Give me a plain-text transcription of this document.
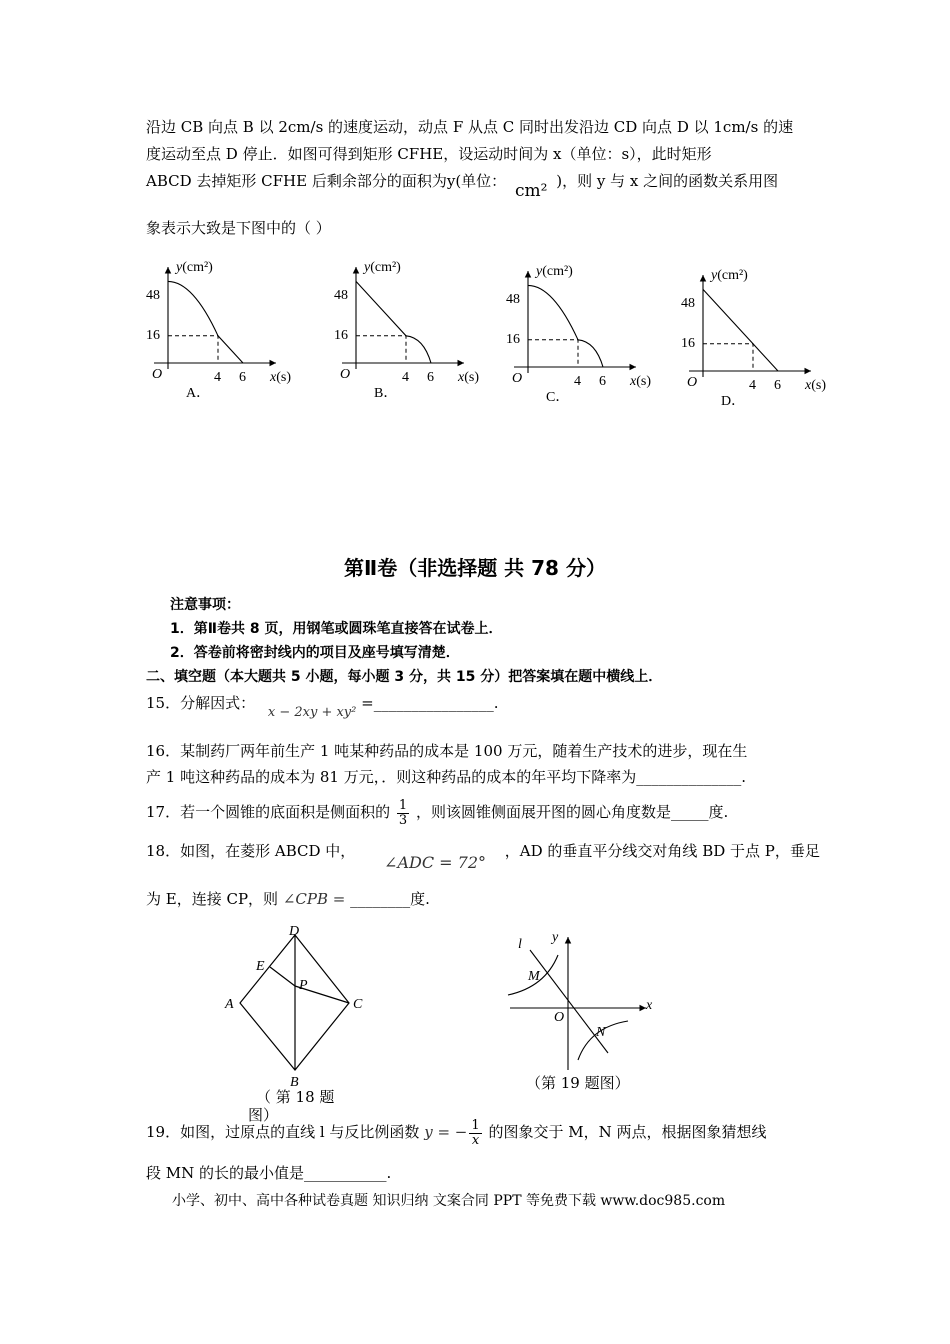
沿边 CB 向点 B 以 2cm/s 的速度运动，动点 F 从点 C 同时出发沿边 CD 向点 D 以 1cm/s 的速
度运动至点 D 停止．如图可得到矩形 CFHE，设运动时间为 x（单位：s），此时矩形
ABCD 去掉矩形 CFHE 后剩余部分的面积为y(单位： cm² )，则 y 与 x 之间的函数关系用图
象表示大致是下图中的（ ）
y(cm²)
48
16
O	4 6 x(s)
A．
y(cm²)
48
16
O	4 6 x(s)
B．
y(cm²)
48
16
O	4 6 x(s)
C．
y(cm²)
48
16
O	4 6 x(s)
D．
第Ⅱ卷（非选择题 共 78 分）
注意事项：
1．第Ⅱ卷共 8 页，用钢笔或圆珠笔直接答在试卷上．
2．答卷前将密封线内的项目及座号填写清楚．
二、填空题（本大题共 5 小题，每小题 3 分，共 15 分）把答案填在题中横线上．
15．分解因式： x − 2xy + xy² =________________.
16．某制药厂两年前生产 1 吨某种药品的成本是 100 万元，随着生产技术的进步，现在生
产 1 吨这种药品的成本为 81 万元，．则这种药品的成本的年平均下降率为______________.
17．若一个圆锥的底面积是侧面积的 $\frac{1}{3}$ ，则该圆锥侧面展开图的圆心角度数是_____度.
18．如图，在菱形 ABCD 中， ∠ADC = 72° ，AD 的垂直平分线交对角线 BD 于点 P，垂足
为 E，连接 CP，则 ∠CPB = ________度.
D
E
A
P
C
B
（ 第 18 题
图）
l y
M
x
O
N
（第 19 题图）
19．如图，过原点的直线 l 与反比例函数 y = − $\frac{1}{x}$ 的图象交于 M，N 两点，根据图象猜想线
段 MN 的长的最小值是___________.
小学、初中、高中各种试卷真题 知识归纳 文案合同 PPT 等免费下载 www.doc985.com
